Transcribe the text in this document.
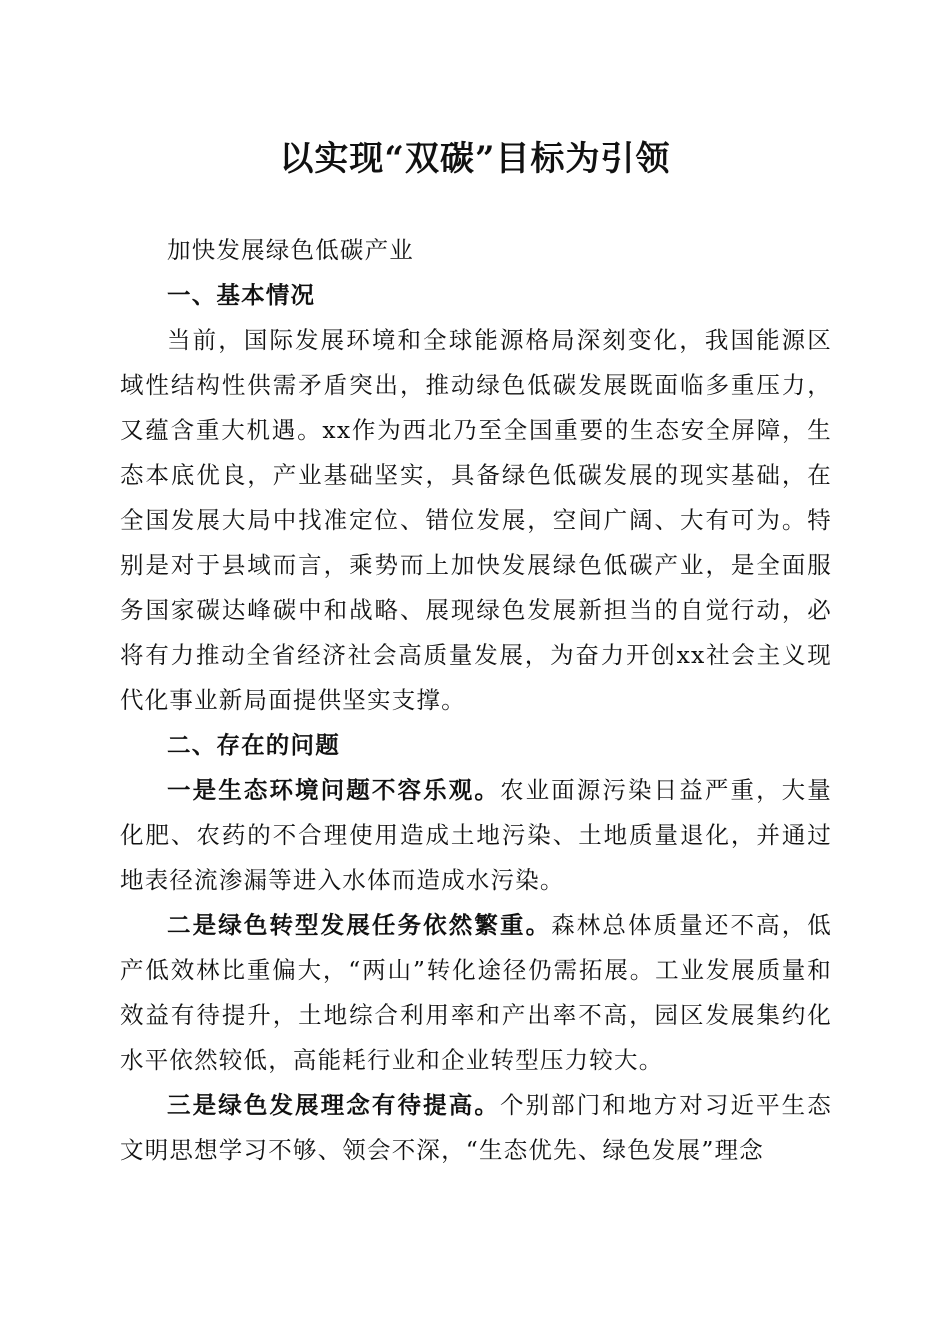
以实现“双碳”目标为引领

加快发展绿色低碳产业

一、基本情况

当前，国际发展环境和全球能源格局深刻变化，我国能源区域性结构性供需矛盾突出，推动绿色低碳发展既面临多重压力，又蕴含重大机遇。xx作为西北乃至全国重要的生态安全屏障，生态本底优良，产业基础坚实，具备绿色低碳发展的现实基础，在全国发展大局中找准定位、错位发展，空间广阔、大有可为。特别是对于县域而言，乘势而上加快发展绿色低碳产业，是全面服务国家碳达峰碳中和战略、展现绿色发展新担当的自觉行动，必将有力推动全省经济社会高质量发展，为奋力开创xx社会主义现代化事业新局面提供坚实支撑。

二、存在的问题

一是生态环境问题不容乐观。农业面源污染日益严重，大量化肥、农药的不合理使用造成土地污染、土地质量退化，并通过地表径流渗漏等进入水体而造成水污染。

二是绿色转型发展任务依然繁重。森林总体质量还不高，低产低效林比重偏大，“两山”转化途径仍需拓展。工业发展质量和效益有待提升，土地综合利用率和产出率不高，园区发展集约化水平依然较低，高能耗行业和企业转型压力较大。

三是绿色发展理念有待提高。个别部门和地方对习近平生态文明思想学习不够、领会不深，“生态优先、绿色发展”理念
